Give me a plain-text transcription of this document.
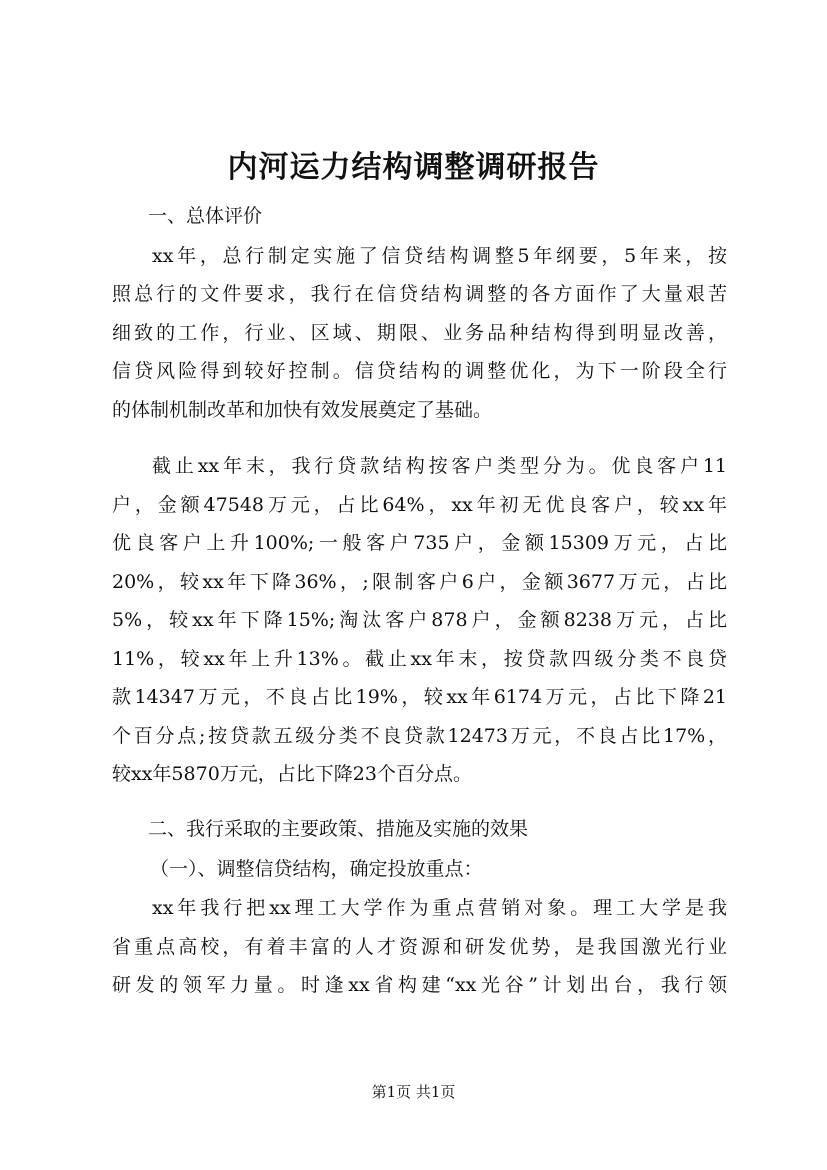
内河运力结构调整调研报告
一、总体评价
xx年，总行制定实施了信贷结构调整5年纲要，5年来，按
照总行的文件要求，我行在信贷结构调整的各方面作了大量艰苦
细致的工作，行业、区域、期限、业务品种结构得到明显改善，
信贷风险得到较好控制。信贷结构的调整优化，为下一阶段全行
的体制机制改革和加快有效发展奠定了基础。
截止xx年末，我行贷款结构按客户类型分为。优良客户11
户，金额47548万元，占比64%，xx年初无优良客户，较xx年
优良客户上升100%;一般客户735户，金额15309万元，占比
20%，较xx年下降36%，;限制客户6户，金额3677万元，占比
5%，较xx年下降15%;淘汰客户878户，金额8238万元，占比
11%，较xx年上升13%。截止xx年末，按贷款四级分类不良贷
款14347万元，不良占比19%，较xx年6174万元，占比下降21
个百分点;按贷款五级分类不良贷款12473万元，不良占比17%，
较xx年5870万元，占比下降23个百分点。
二、我行采取的主要政策、措施及实施的效果
（一）、调整信贷结构，确定投放重点：
xx年我行把xx理工大学作为重点营销对象。理工大学是我
省重点高校，有着丰富的人才资源和研发优势，是我国激光行业
研发的领军力量。时逢xx省构建“xx光谷”计划出台，我行领
第1页 共1页
